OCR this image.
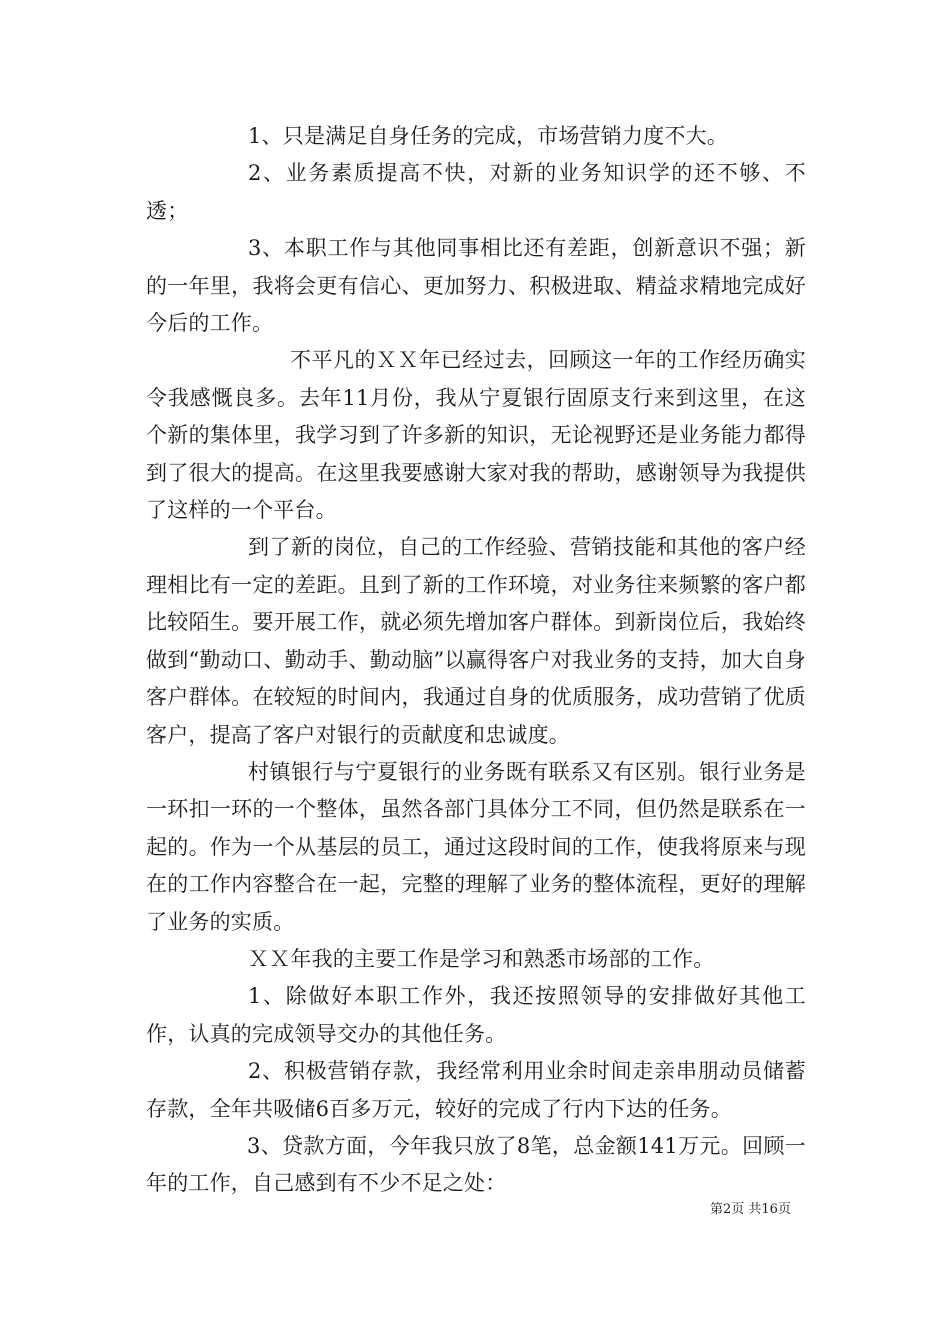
1、只是满足自身任务的完成，市场营销力度不大。

2、业务素质提高不快，对新的业务知识学的还不够、不透；

3、本职工作与其他同事相比还有差距，创新意识不强；新的一年里，我将会更有信心、更加努力、积极进取、精益求精地完成好今后的工作。

不平凡的ＸＸ年已经过去，回顾这一年的工作经历确实令我感慨良多。去年11月份，我从宁夏银行固原支行来到这里，在这个新的集体里，我学习到了许多新的知识，无论视野还是业务能力都得到了很大的提高。在这里我要感谢大家对我的帮助，感谢领导为我提供了这样的一个平台。

到了新的岗位，自己的工作经验、营销技能和其他的客户经理相比有一定的差距。且到了新的工作环境，对业务往来频繁的客户都比较陌生。要开展工作，就必须先增加客户群体。到新岗位后，我始终做到“勤动口、勤动手、勤动脑”以赢得客户对我业务的支持，加大自身客户群体。在较短的时间内，我通过自身的优质服务，成功营销了优质客户，提高了客户对银行的贡献度和忠诚度。

村镇银行与宁夏银行的业务既有联系又有区别。银行业务是一环扣一环的一个整体，虽然各部门具体分工不同，但仍然是联系在一起的。作为一个从基层的员工，通过这段时间的工作，使我将原来与现在的工作内容整合在一起，完整的理解了业务的整体流程，更好的理解了业务的实质。

ＸＸ年我的主要工作是学习和熟悉市场部的工作。

1、除做好本职工作外，我还按照领导的安排做好其他工作，认真的完成领导交办的其他任务。

2、积极营销存款，我经常利用业余时间走亲串朋动员储蓄存款，全年共吸储6百多万元，较好的完成了行内下达的任务。

3、贷款方面，今年我只放了8笔，总金额141万元。回顾一年的工作，自己感到有不少不足之处：

第2页 共16页
